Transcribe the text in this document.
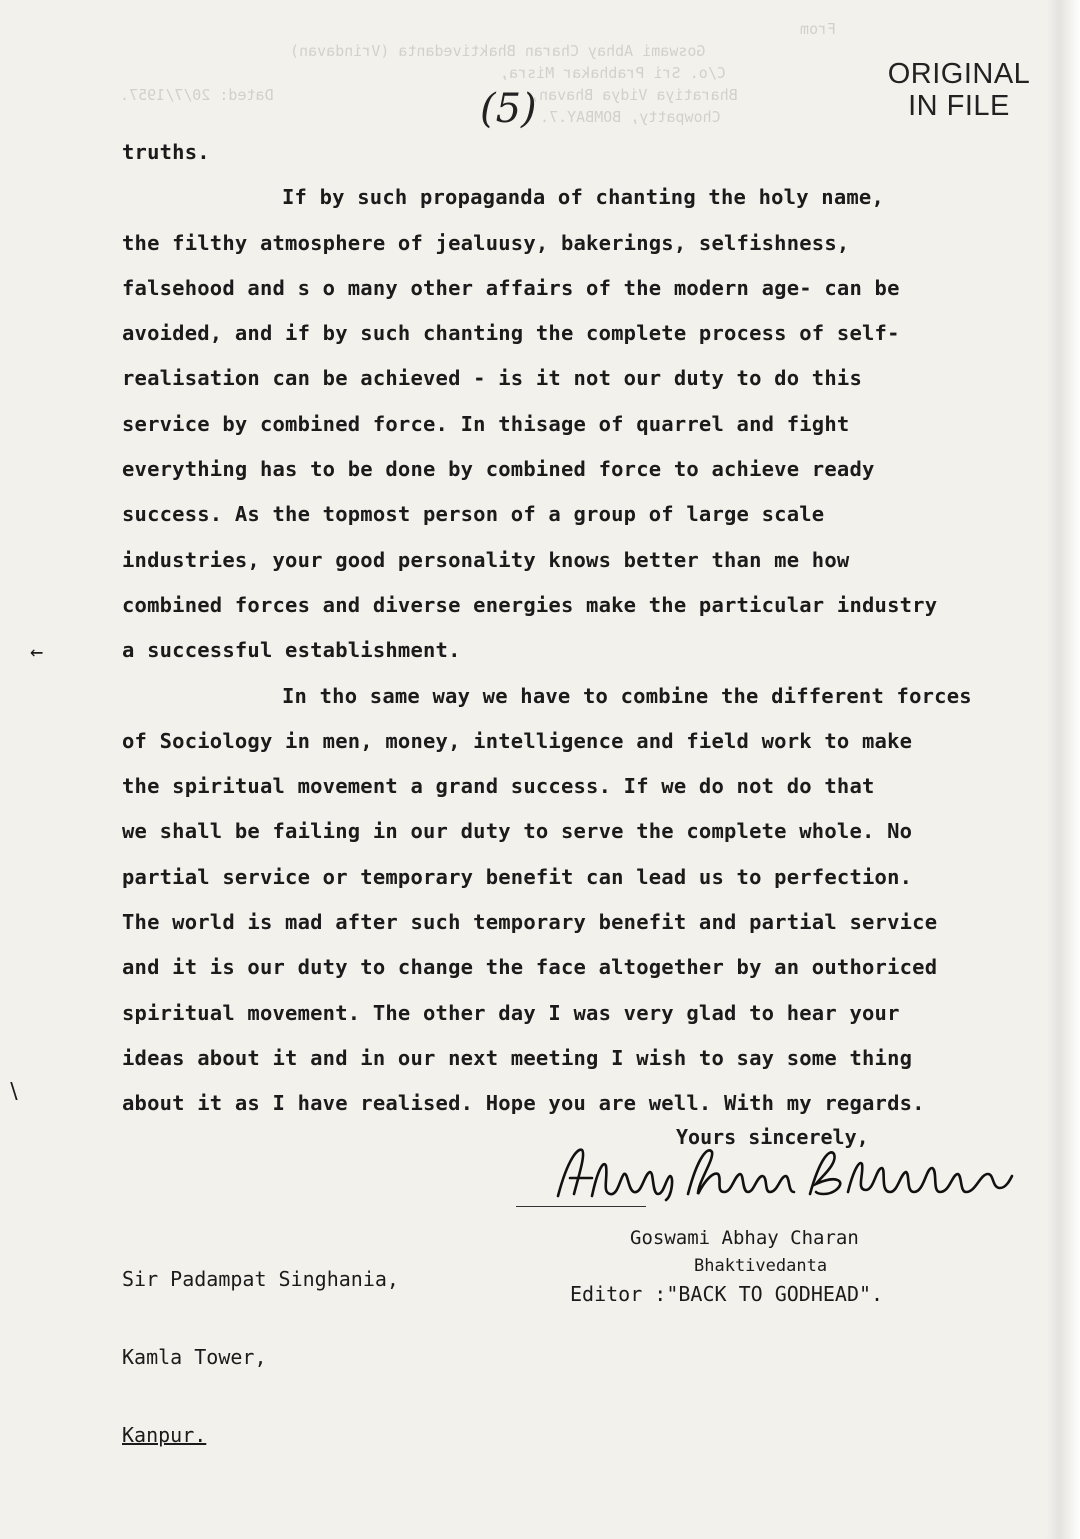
From
Goswami Abhay Charan Bhaktivedanta (Vrindavan)
C/o. Sri Prabhakar Misra,
Bharatiya Vidya Bhavan,
Chowpatty, BOMBAY.7.
Dated: 20/7/1957.
ORIGINAL
IN FILE
(5)
truths.
If by such propaganda of chanting the holy name,
the filthy atmosphere of jealuusy, bakerings, selfishness,
falsehood and s o many other affairs of the modern age- can be
avoided, and if by such chanting the complete process of self-
realisation can be achieved - is it not our duty to do this
service by combined force. In thisage of quarrel and fight
everything has to be done by combined force to achieve ready
success. As the topmost person of a group of large scale
industries, your good personality knows better than me how
combined forces and diverse energies make the particular industry
a successful establishment.
In tho same way we have to combine the different forces
of Sociology in men, money, intelligence and field work to make
the spiritual movement a grand success. If we do not do that
we shall be failing in our duty to serve the complete whole. No
partial service or temporary benefit can lead us to perfection.
The world is mad after such temporary benefit and partial service
and it is our duty to change the face altogether by an outhoriced
spiritual movement. The other day I was very glad to hear your
ideas about it and in our next meeting I wish to say some thing
about it as I have realised. Hope you are well. With my regards.
←
∖
Yours sincerely,

Sir Padampat Singhania,

Kamla Tower,

Kanpur.

Goswami Abhay Charan
Bhaktivedanta
Editor :"BACK TO GODHEAD".
